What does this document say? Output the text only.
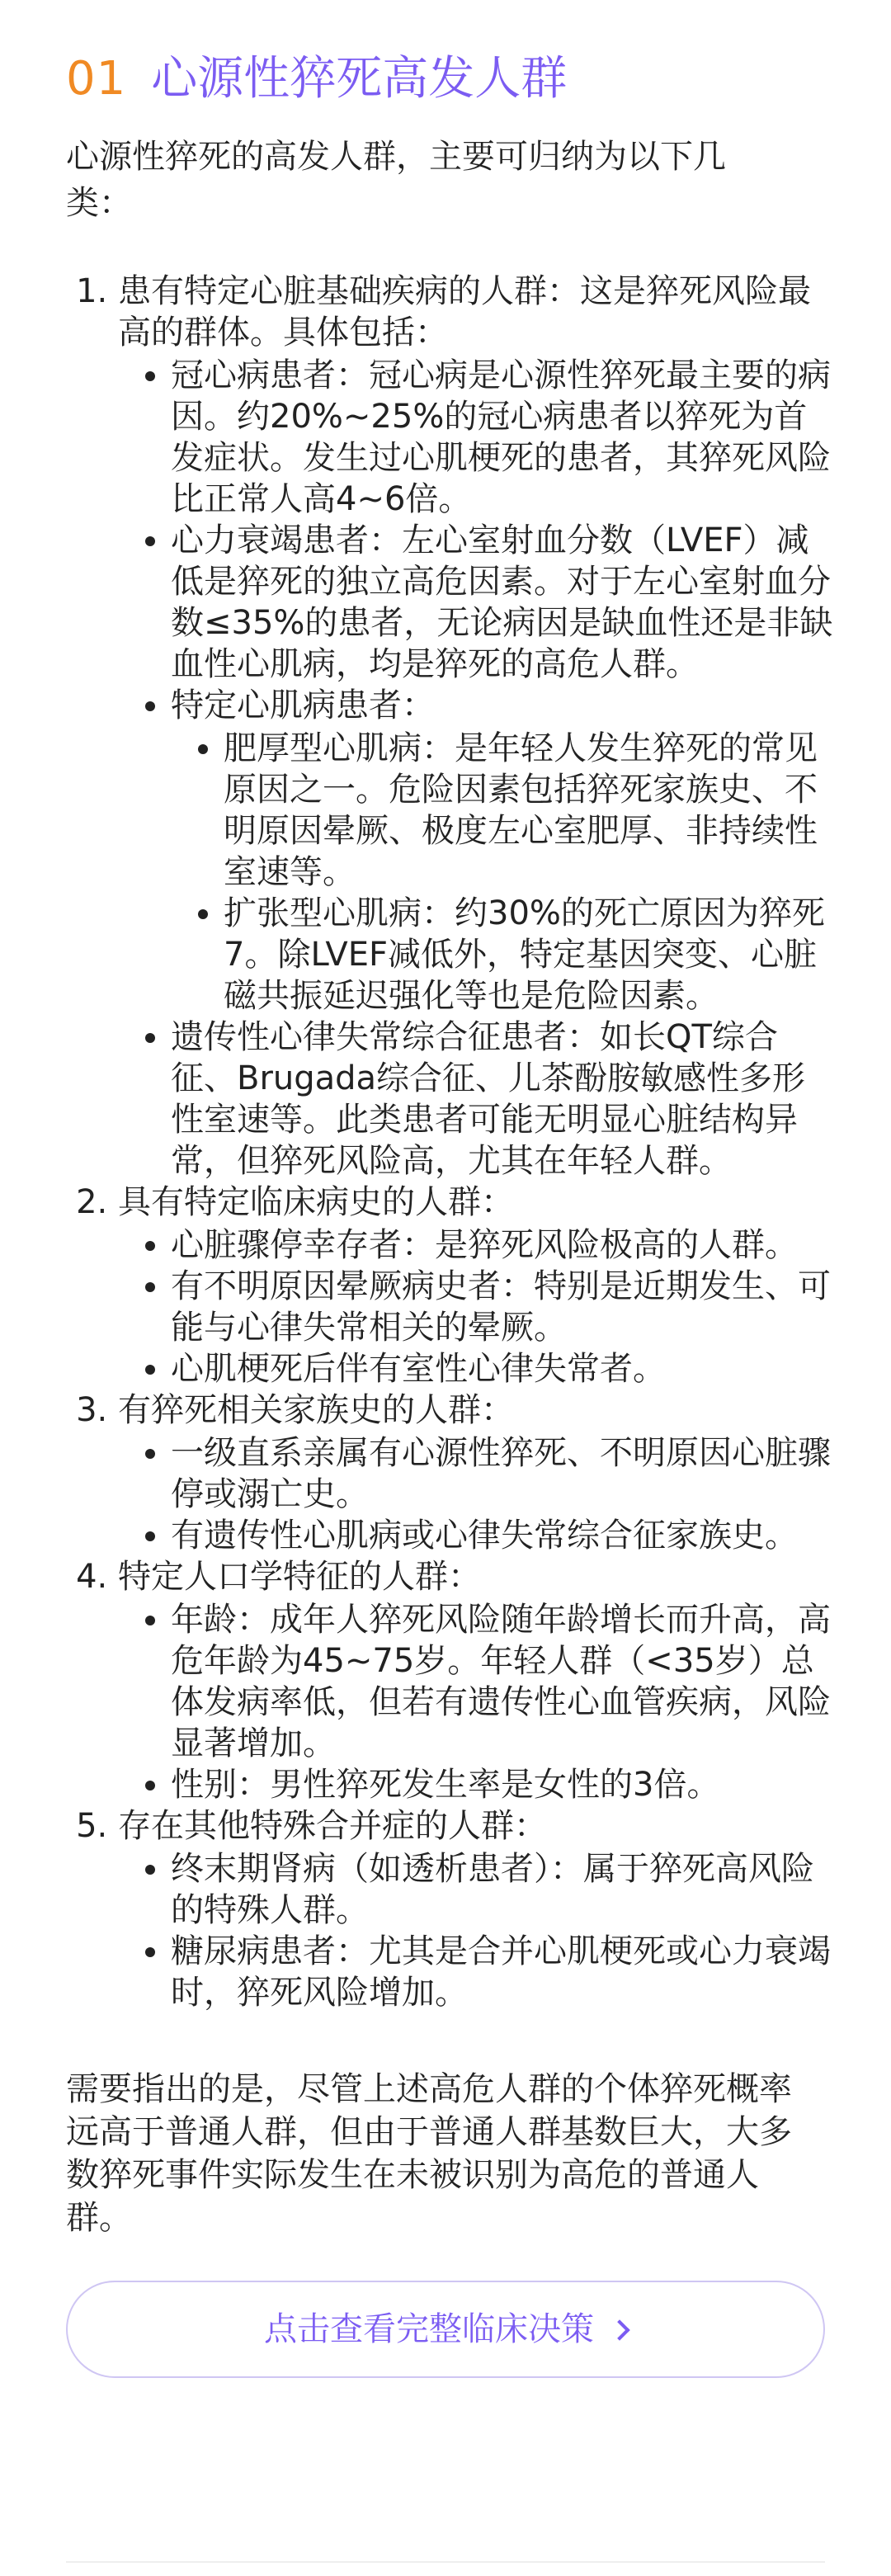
01 心源性猝死高发人群

心源性猝死的高发人群，主要可归纳为以下几类：

1. 患有特定心脏基础疾病的人群：这是猝死风险最高的群体。具体包括：
• 冠心病患者：冠心病是心源性猝死最主要的病因。约20%~25%的冠心病患者以猝死为首发症状。发生过心肌梗死的患者，其猝死风险比正常人高4~6倍。
• 心力衰竭患者：左心室射血分数（LVEF）减低是猝死的独立高危因素。对于左心室射血分数≤35%的患者，无论病因是缺血性还是非缺血性心肌病，均是猝死的高危人群。
• 特定心肌病患者：
• 肥厚型心肌病：是年轻人发生猝死的常见原因之一。危险因素包括猝死家族史、不明原因晕厥、极度左心室肥厚、非持续性室速等。
• 扩张型心肌病：约30%的死亡原因为猝死7。除LVEF减低外，特定基因突变、心脏磁共振延迟强化等也是危险因素。
• 遗传性心律失常综合征患者：如长QT综合征、Brugada综合征、儿茶酚胺敏感性多形性室速等。此类患者可能无明显心脏结构异常，但猝死风险高，尤其在年轻人群。
2. 具有特定临床病史的人群：
• 心脏骤停幸存者：是猝死风险极高的人群。
• 有不明原因晕厥病史者：特别是近期发生、可能与心律失常相关的晕厥。
• 心肌梗死后伴有室性心律失常者。
3. 有猝死相关家族史的人群：
• 一级直系亲属有心源性猝死、不明原因心脏骤停或溺亡史。
• 有遗传性心肌病或心律失常综合征家族史。
4. 特定人口学特征的人群：
• 年龄：成年人猝死风险随年龄增长而升高，高危年龄为45~75岁。年轻人群（<35岁）总体发病率低，但若有遗传性心血管疾病，风险显著增加。
• 性别：男性猝死发生率是女性的3倍。
5. 存在其他特殊合并症的人群：
• 终末期肾病（如透析患者）：属于猝死高风险的特殊人群。
• 糖尿病患者：尤其是合并心肌梗死或心力衰竭时，猝死风险增加。

需要指出的是，尽管上述高危人群的个体猝死概率远高于普通人群，但由于普通人群基数巨大，大多数猝死事件实际发生在未被识别为高危的普通人群。

点击查看完整临床决策
